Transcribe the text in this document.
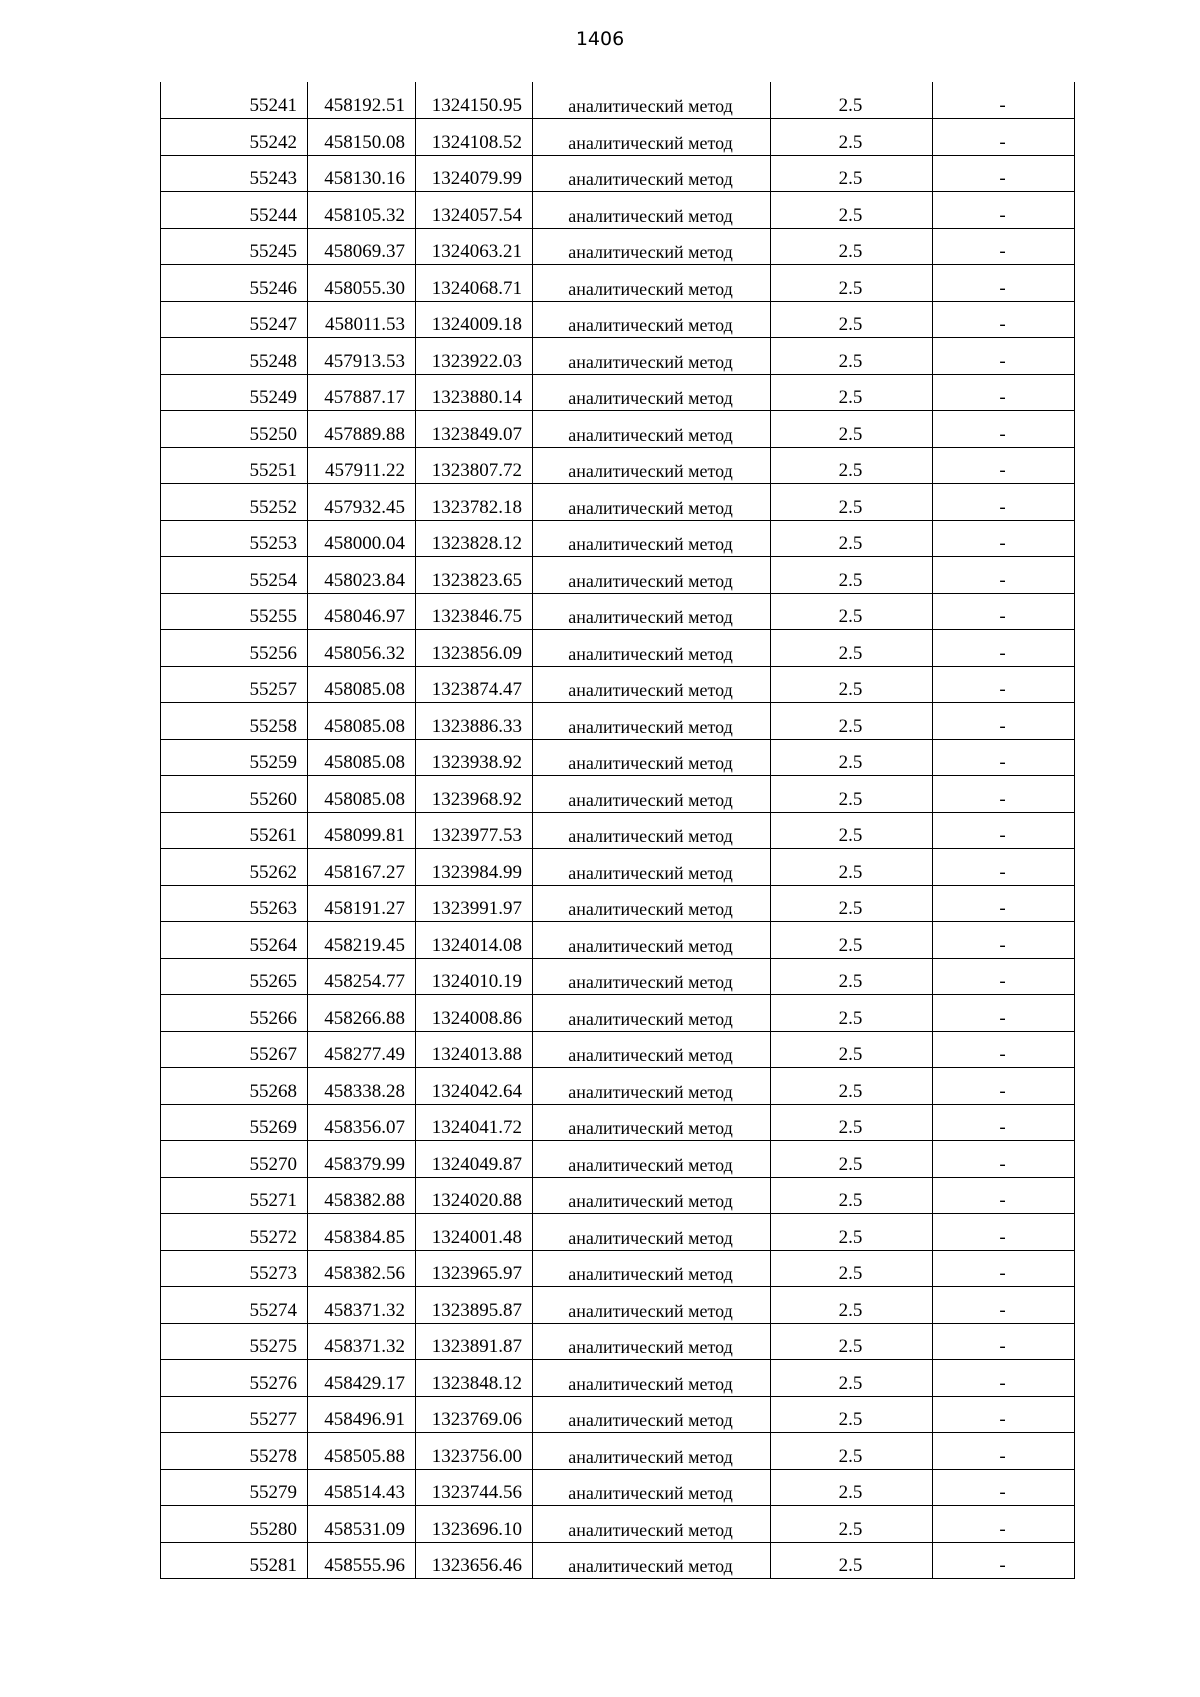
1406
55241	458192.51	1324150.95	аналитический метод	2.5	-
55242	458150.08	1324108.52	аналитический метод	2.5	-
55243	458130.16	1324079.99	аналитический метод	2.5	-
55244	458105.32	1324057.54	аналитический метод	2.5	-
55245	458069.37	1324063.21	аналитический метод	2.5	-
55246	458055.30	1324068.71	аналитический метод	2.5	-
55247	458011.53	1324009.18	аналитический метод	2.5	-
55248	457913.53	1323922.03	аналитический метод	2.5	-
55249	457887.17	1323880.14	аналитический метод	2.5	-
55250	457889.88	1323849.07	аналитический метод	2.5	-
55251	457911.22	1323807.72	аналитический метод	2.5	-
55252	457932.45	1323782.18	аналитический метод	2.5	-
55253	458000.04	1323828.12	аналитический метод	2.5	-
55254	458023.84	1323823.65	аналитический метод	2.5	-
55255	458046.97	1323846.75	аналитический метод	2.5	-
55256	458056.32	1323856.09	аналитический метод	2.5	-
55257	458085.08	1323874.47	аналитический метод	2.5	-
55258	458085.08	1323886.33	аналитический метод	2.5	-
55259	458085.08	1323938.92	аналитический метод	2.5	-
55260	458085.08	1323968.92	аналитический метод	2.5	-
55261	458099.81	1323977.53	аналитический метод	2.5	-
55262	458167.27	1323984.99	аналитический метод	2.5	-
55263	458191.27	1323991.97	аналитический метод	2.5	-
55264	458219.45	1324014.08	аналитический метод	2.5	-
55265	458254.77	1324010.19	аналитический метод	2.5	-
55266	458266.88	1324008.86	аналитический метод	2.5	-
55267	458277.49	1324013.88	аналитический метод	2.5	-
55268	458338.28	1324042.64	аналитический метод	2.5	-
55269	458356.07	1324041.72	аналитический метод	2.5	-
55270	458379.99	1324049.87	аналитический метод	2.5	-
55271	458382.88	1324020.88	аналитический метод	2.5	-
55272	458384.85	1324001.48	аналитический метод	2.5	-
55273	458382.56	1323965.97	аналитический метод	2.5	-
55274	458371.32	1323895.87	аналитический метод	2.5	-
55275	458371.32	1323891.87	аналитический метод	2.5	-
55276	458429.17	1323848.12	аналитический метод	2.5	-
55277	458496.91	1323769.06	аналитический метод	2.5	-
55278	458505.88	1323756.00	аналитический метод	2.5	-
55279	458514.43	1323744.56	аналитический метод	2.5	-
55280	458531.09	1323696.10	аналитический метод	2.5	-
55281	458555.96	1323656.46	аналитический метод	2.5	-
